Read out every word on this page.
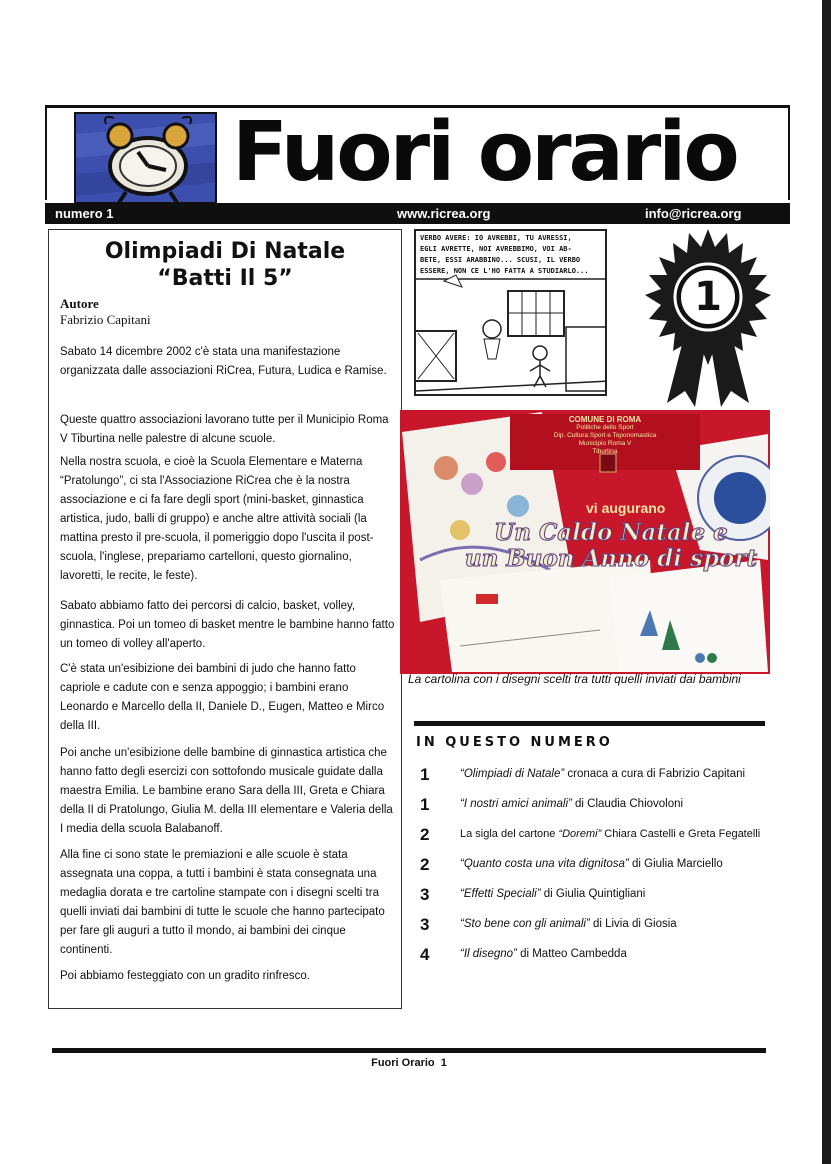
Fuori orario
numero 1	www.ricrea.org	info@ricrea.org
Olimpiadi Di Natale
“Batti Il 5”
Autore
Fabrizio Capitani
Sabato 14 dicembre 2002 c'è stata una manifestazione organizzata dalle associazioni RiCrea, Futura, Ludica e Ramise.
Queste quattro associazioni lavorano tutte per il Municipio Roma V Tiburtina nelle palestre di alcune scuole.
Nella nostra scuola, e cioè la Scuola Elementare e Materna “Pratolungo”, ci sta l'Associazione RiCrea che è la nostra associazione e ci fa fare degli sport (mini-basket, ginnastica artistica, judo, balli di gruppo) e anche altre attività sociali (la mattina presto il pre-scuola, il pomeriggio dopo l'uscita il post-scuola, l'inglese, prepariamo cartelloni, questo giornalino, lavoretti, le recite, le feste).
Sabato abbiamo fatto dei percorsi di calcio, basket, volley, ginnastica. Poi un tomeo di basket mentre le bambine hanno fatto un tomeo di volley all'aperto.
C'è stata un'esibizione dei bambini di judo che hanno fatto capriole e cadute con e senza appoggio; i bambini erano Leonardo e Marcello della II, Daniele D., Eugen, Matteo e Mirco della III.
Poi anche un'esibizione delle bambine di ginnastica artistica che hanno fatto degli esercizi con sottofondo musicale guidate dalla maestra Emilia. Le bambine erano Sara della III, Greta e Chiara della II di Pratolungo, Giulia M. della III elementare e Valeria della I media della scuola Balabanoff.
Alla fine ci sono state le premiazioni e alle scuole è stata assegnata una coppa, a tutti i bambini è stata consegnata una medaglia dorata e tre cartoline stampate con i disegni scelti tra quelli inviati dai bambini di tutte le scuole che hanno partecipato per fare gli auguri a tutto il mondo, ai bambini dei cinque continenti.
Poi abbiamo festeggiato con un gradito rinfresco.
VERBO AVERE: IO AVREBBI, TU AVRESSI,
EGLI AVRETTE, NOI AVREBBIMO, VOI AB-
BETE, ESSI ARABBINO... SCUSI, IL VERBO
ESSERE, NON CE L'HO FATTA A STUDIARLO...
1
COMUNE DI ROMA
Politiche dello Sport
Dip. Cultura Sport e Toponomastica
Municipio Roma V
Tiburtina
vi augurano
Un Caldo Natale e
un Buon Anno di sport
La cartolina con i disegni scelti tra tutti quelli inviati dai bambini
IN QUESTO NUMERO
1	“Olimpiadi di Natale” cronaca a cura di Fabrizio Capitani
1	“I nostri amici animali” di Claudia Chiovoloni
2	La sigla del cartone “Doremi” Chiara Castelli e Greta Fegatelli
2	“Quanto costa una vita dignitosa” di Giulia Marciello
3	“Effetti Speciali” di Giulia Quintigliani
3	“Sto bene con gli animali” di Livia di Giosia
4	“Il disegno” di Matteo Cambedda
Fuori Orario  1
